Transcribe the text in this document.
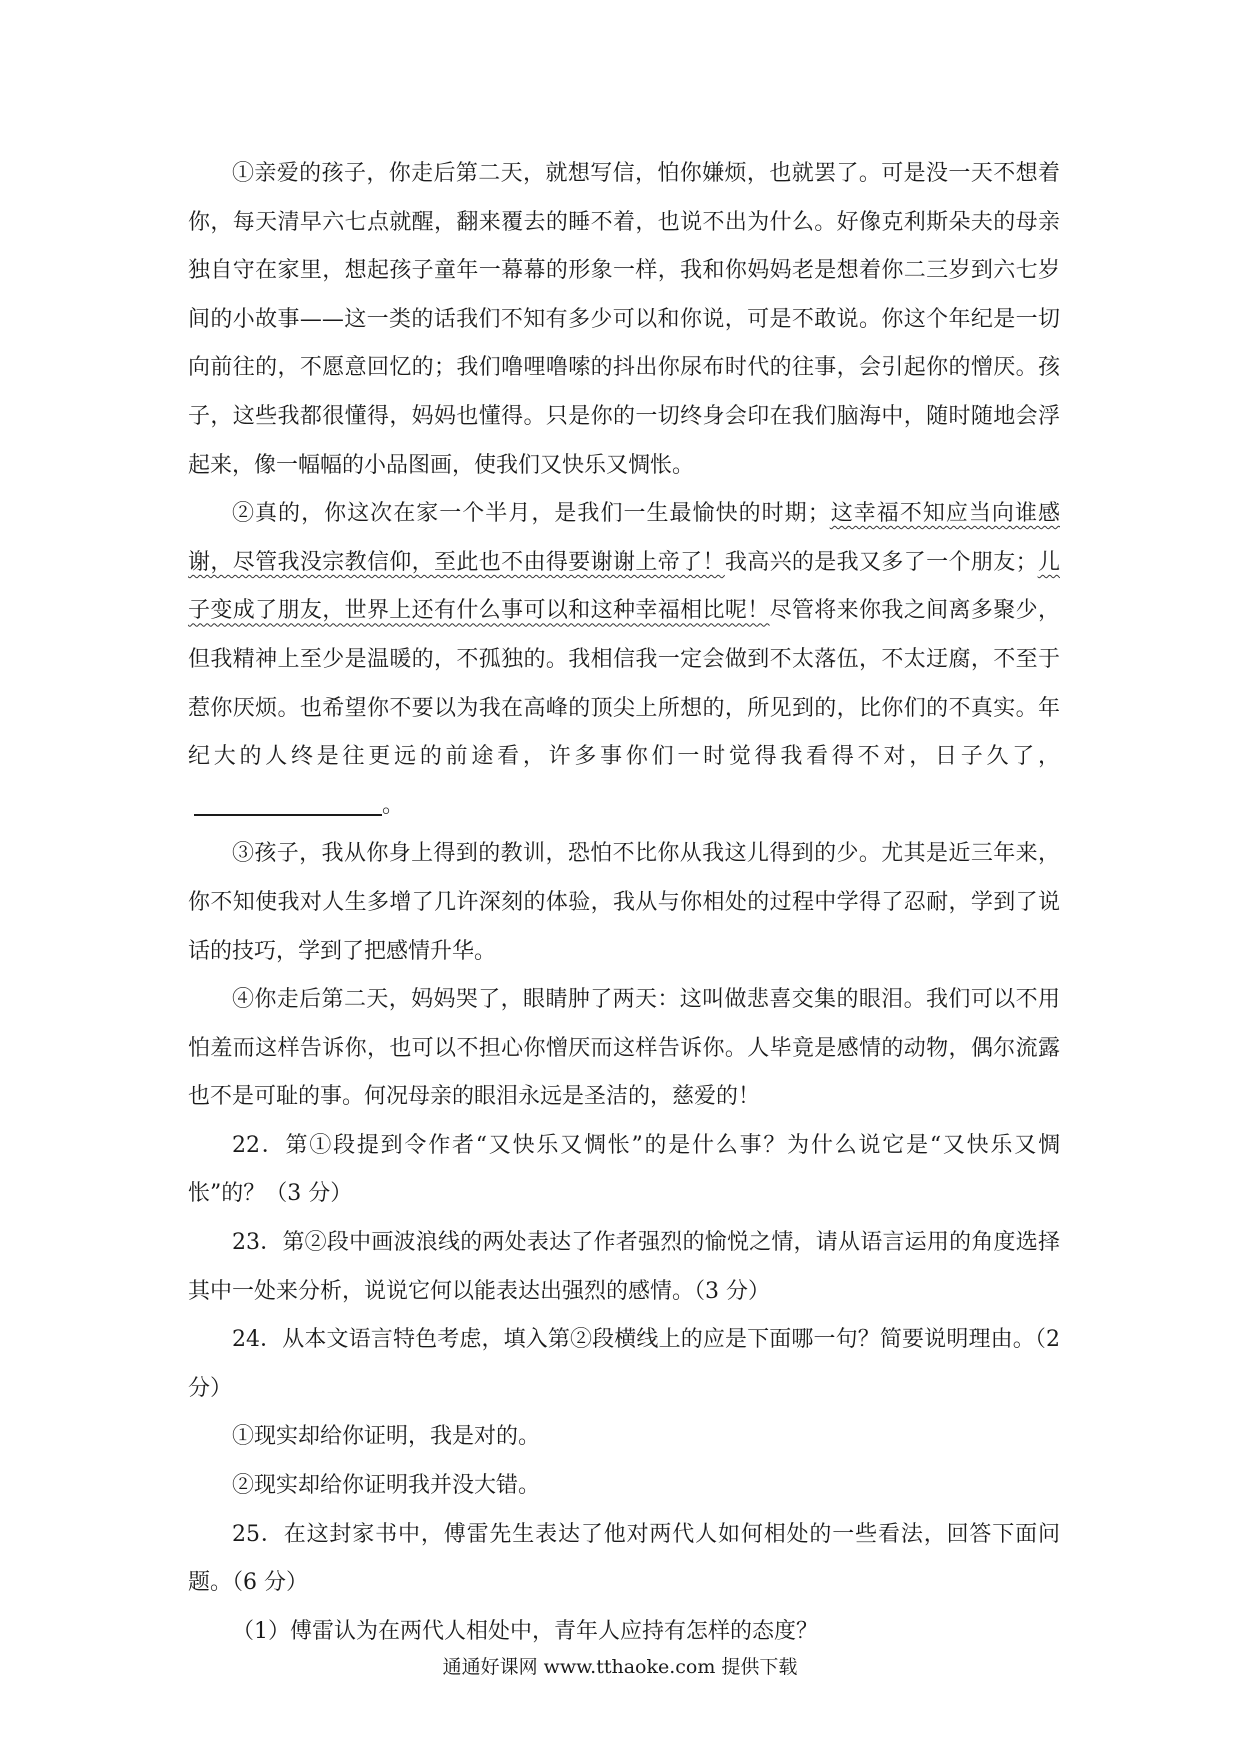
①亲爱的孩子，你走后第二天，就想写信，怕你嫌烦，也就罢了。可是没一天不想着你，每天清早六七点就醒，翻来覆去的睡不着，也说不出为什么。好像克利斯朵夫的母亲独自守在家里，想起孩子童年一幕幕的形象一样，我和你妈妈老是想着你二三岁到六七岁间的小故事——这一类的话我们不知有多少可以和你说，可是不敢说。你这个年纪是一切向前往的，不愿意回忆的；我们噜哩噜嗦的抖出你尿布时代的往事，会引起你的憎厌。孩子，这些我都很懂得，妈妈也懂得。只是你的一切终身会印在我们脑海中，随时随地会浮起来，像一幅幅的小品图画，使我们又快乐又惆怅。

②真的，你这次在家一个半月，是我们一生最愉快的时期；这幸福不知应当向谁感谢，尽管我没宗教信仰，至此也不由得要谢谢上帝了！我高兴的是我又多了一个朋友；儿子变成了朋友，世界上还有什么事可以和这种幸福相比呢！尽管将来你我之间离多聚少，但我精神上至少是温暖的，不孤独的。我相信我一定会做到不太落伍，不太迂腐，不至于惹你厌烦。也希望你不要以为我在高峰的顶尖上所想的，所见到的，比你们的不真实。年纪大的人终是往更远的前途看，许多事你们一时觉得我看得不对，日子久了，。

③孩子，我从你身上得到的教训，恐怕不比你从我这儿得到的少。尤其是近三年来，你不知使我对人生多增了几许深刻的体验，我从与你相处的过程中学得了忍耐，学到了说话的技巧，学到了把感情升华。

④你走后第二天，妈妈哭了，眼睛肿了两天：这叫做悲喜交集的眼泪。我们可以不用怕羞而这样告诉你，也可以不担心你憎厌而这样告诉你。人毕竟是感情的动物，偶尔流露也不是可耻的事。何况母亲的眼泪永远是圣洁的，慈爱的！

22．第①段提到令作者“又快乐又惆怅”的是什么事？为什么说它是“又快乐又惆怅”的？（3 分）

23．第②段中画波浪线的两处表达了作者强烈的愉悦之情，请从语言运用的角度选择其中一处来分析，说说它何以能表达出强烈的感情。（3 分）

24．从本文语言特色考虑，填入第②段横线上的应是下面哪一句？简要说明理由。（2 分）

①现实却给你证明，我是对的。

②现实却给你证明我并没大错。

25．在这封家书中，傅雷先生表达了他对两代人如何相处的一些看法，回答下面问题。（6 分）

（1）傅雷认为在两代人相处中，青年人应持有怎样的态度？

通通好课网 www.tthaoke.com 提供下载
